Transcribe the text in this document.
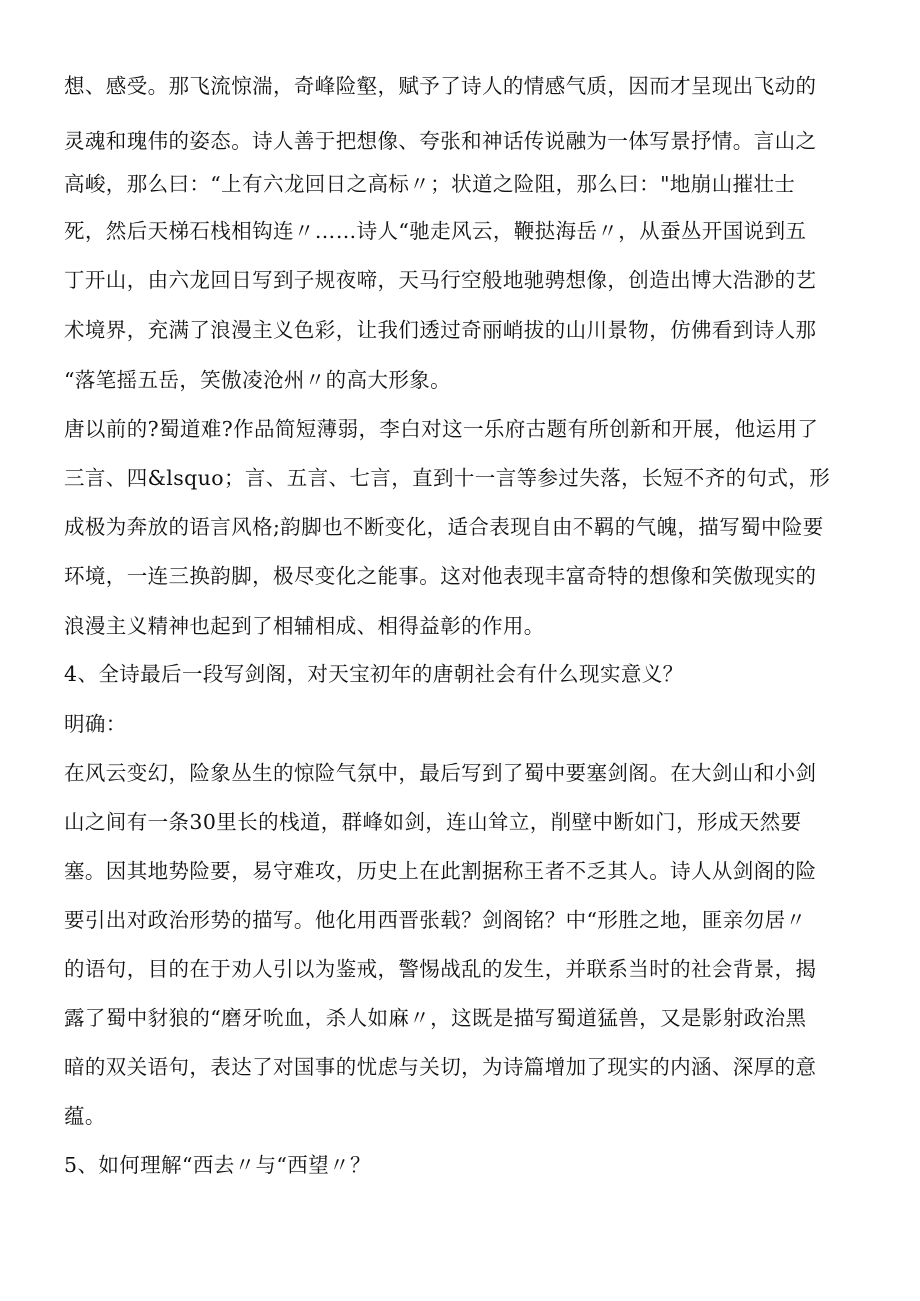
想、感受。那飞流惊湍，奇峰险壑，赋予了诗人的情感气质，因而才呈现出飞动的
灵魂和瑰伟的姿态。诗人善于把想像、夸张和神话传说融为一体写景抒情。言山之
高峻，那么曰：“上有六龙回日之高标〃；状道之险阻，那么曰："地崩山摧壮士
死，然后天梯石栈相钩连〃……诗人“驰走风云，鞭挞海岳〃，从蚕丛开国说到五
丁开山，由六龙回日写到子规夜啼，天马行空般地驰骋想像，创造出博大浩渺的艺
术境界，充满了浪漫主义色彩，让我们透过奇丽峭拔的山川景物，仿佛看到诗人那
“落笔摇五岳，笑傲凌沧州〃的高大形象。
唐以前的?蜀道难?作品简短薄弱，李白对这一乐府古题有所创新和开展，他运用了
三言、四&lsquo；言、五言、七言，直到十一言等参过失落，长短不齐的句式，形
成极为奔放的语言风格;韵脚也不断变化，适合表现自由不羁的气魄，描写蜀中险要
环境，一连三换韵脚，极尽变化之能事。这对他表现丰富奇特的想像和笑傲现实的
浪漫主义精神也起到了相辅相成、相得益彰的作用。
4、全诗最后一段写剑阁，对天宝初年的唐朝社会有什么现实意义？
明确：
在风云变幻，险象丛生的惊险气氛中，最后写到了蜀中要塞剑阁。在大剑山和小剑
山之间有一条30里长的栈道，群峰如剑，连山耸立，削壁中断如门，形成天然要
塞。因其地势险要，易守难攻，历史上在此割据称王者不乏其人。诗人从剑阁的险
要引出对政治形势的描写。他化用西晋张载？剑阁铭？中“形胜之地，匪亲勿居〃
的语句，目的在于劝人引以为鉴戒，警惕战乱的发生，并联系当时的社会背景，揭
露了蜀中豺狼的“磨牙吮血，杀人如麻〃，这既是描写蜀道猛兽，又是影射政治黑
暗的双关语句，表达了对国事的忧虑与关切，为诗篇增加了现实的内涵、深厚的意
蕴。
5、如何理解“西去〃与“西望〃？
